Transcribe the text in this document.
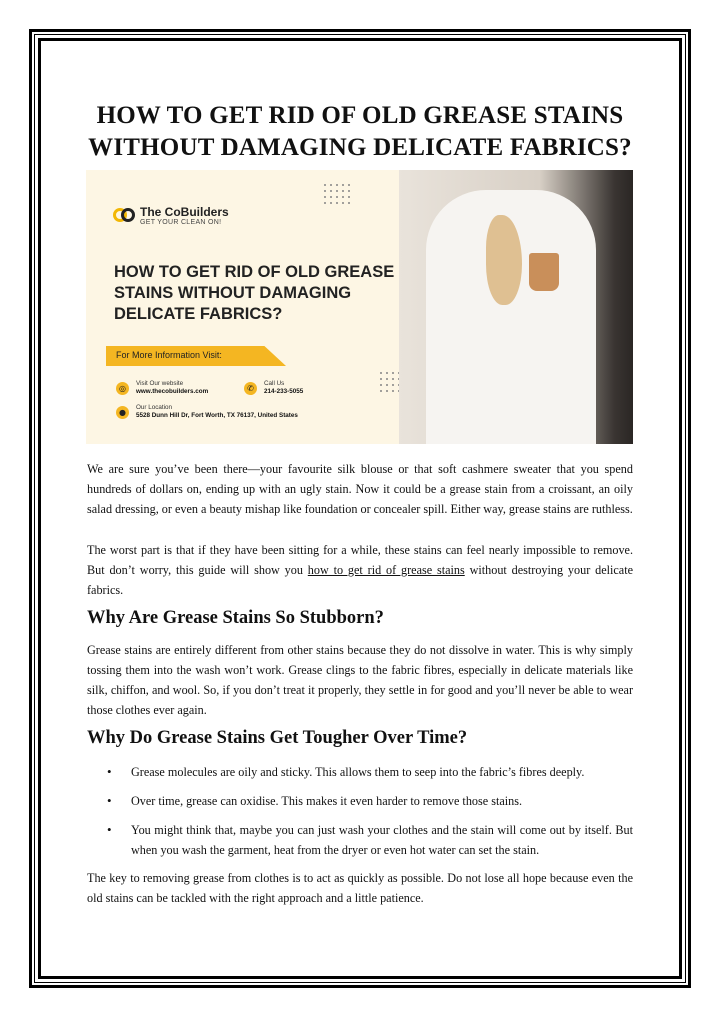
HOW TO GET RID OF OLD GREASE STAINS WITHOUT DAMAGING DELICATE FABRICS?
The CoBuilders
GET YOUR CLEAN ON!
HOW TO GET RID OF OLD GREASE STAINS WITHOUT DAMAGING DELICATE FABRICS?
For More Information Visit:
◎
Visit Our website
www.thecobuilders.com	✆
Call Us
214-233-5055
●
Our Location
5528 Dunn Hill Dr, Fort Worth, TX 76137, United States

We are sure you’ve been there—your favourite silk blouse or that soft cashmere sweater that you spend hundreds of dollars on, ending up with an ugly stain. Now it could be a grease stain from a croissant, an oily salad dressing, or even a beauty mishap like foundation or concealer spill. Either way, grease stains are ruthless.

The worst part is that if they have been sitting for a while, these stains can feel nearly impossible to remove. But don’t worry, this guide will show you how to get rid of grease stains without destroying your delicate fabrics.

Why Are Grease Stains So Stubborn?

Grease stains are entirely different from other stains because they do not dissolve in water. This is why simply tossing them into the wash won’t work. Grease clings to the fabric fibres, especially in delicate materials like silk, chiffon, and wool. So, if you don’t treat it properly, they settle in for good and you’ll never be able to wear those clothes ever again.

Why Do Grease Stains Get Tougher Over Time?
• Grease molecules are oily and sticky. This allows them to seep into the fabric’s fibres deeply.
• Over time, grease can oxidise. This makes it even harder to remove those stains.
• You might think that, maybe you can just wash your clothes and the stain will come out by itself. But when you wash the garment, heat from the dryer or even hot water can set the stain.

The key to removing grease from clothes is to act as quickly as possible. Do not lose all hope because even the old stains can be tackled with the right approach and a little patience.
